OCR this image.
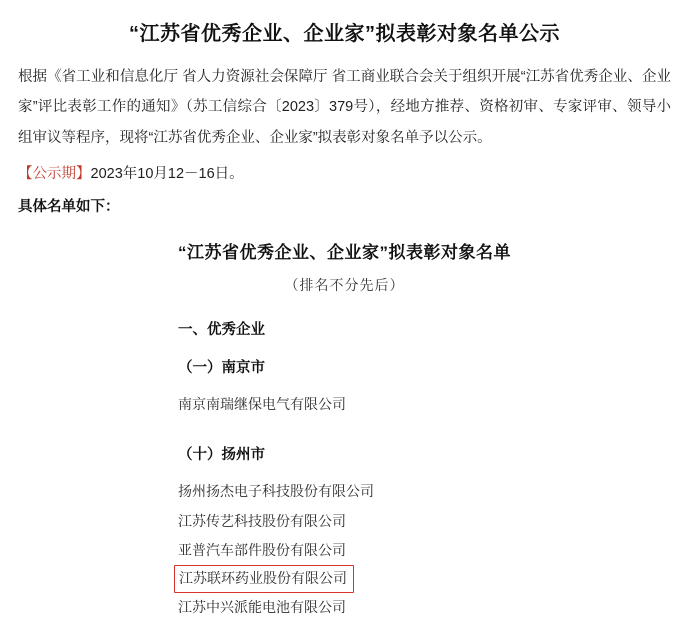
“江苏省优秀企业、企业家”拟表彰对象名单公示

根据《省工业和信息化厅 省人力资源社会保障厅 省工商业联合会关于组织开展“江苏省优秀企业、企业家”评比表彰工作的通知》（苏工信综合〔2023〕379号），经地方推荐、资格初审、专家评审、领导小组审议等程序，现将“江苏省优秀企业、企业家”拟表彰对象名单予以公示。

【公示期】2023年10月12－16日。
具体名单如下：
“江苏省优秀企业、企业家”拟表彰对象名单
（排名不分先后）
一、优秀企业
（一）南京市
南京南瑞继保电气有限公司
（十）扬州市
扬州扬杰电子科技股份有限公司
江苏传艺科技股份有限公司
亚普汽车部件股份有限公司
江苏联环药业股份有限公司
江苏中兴派能电池有限公司
